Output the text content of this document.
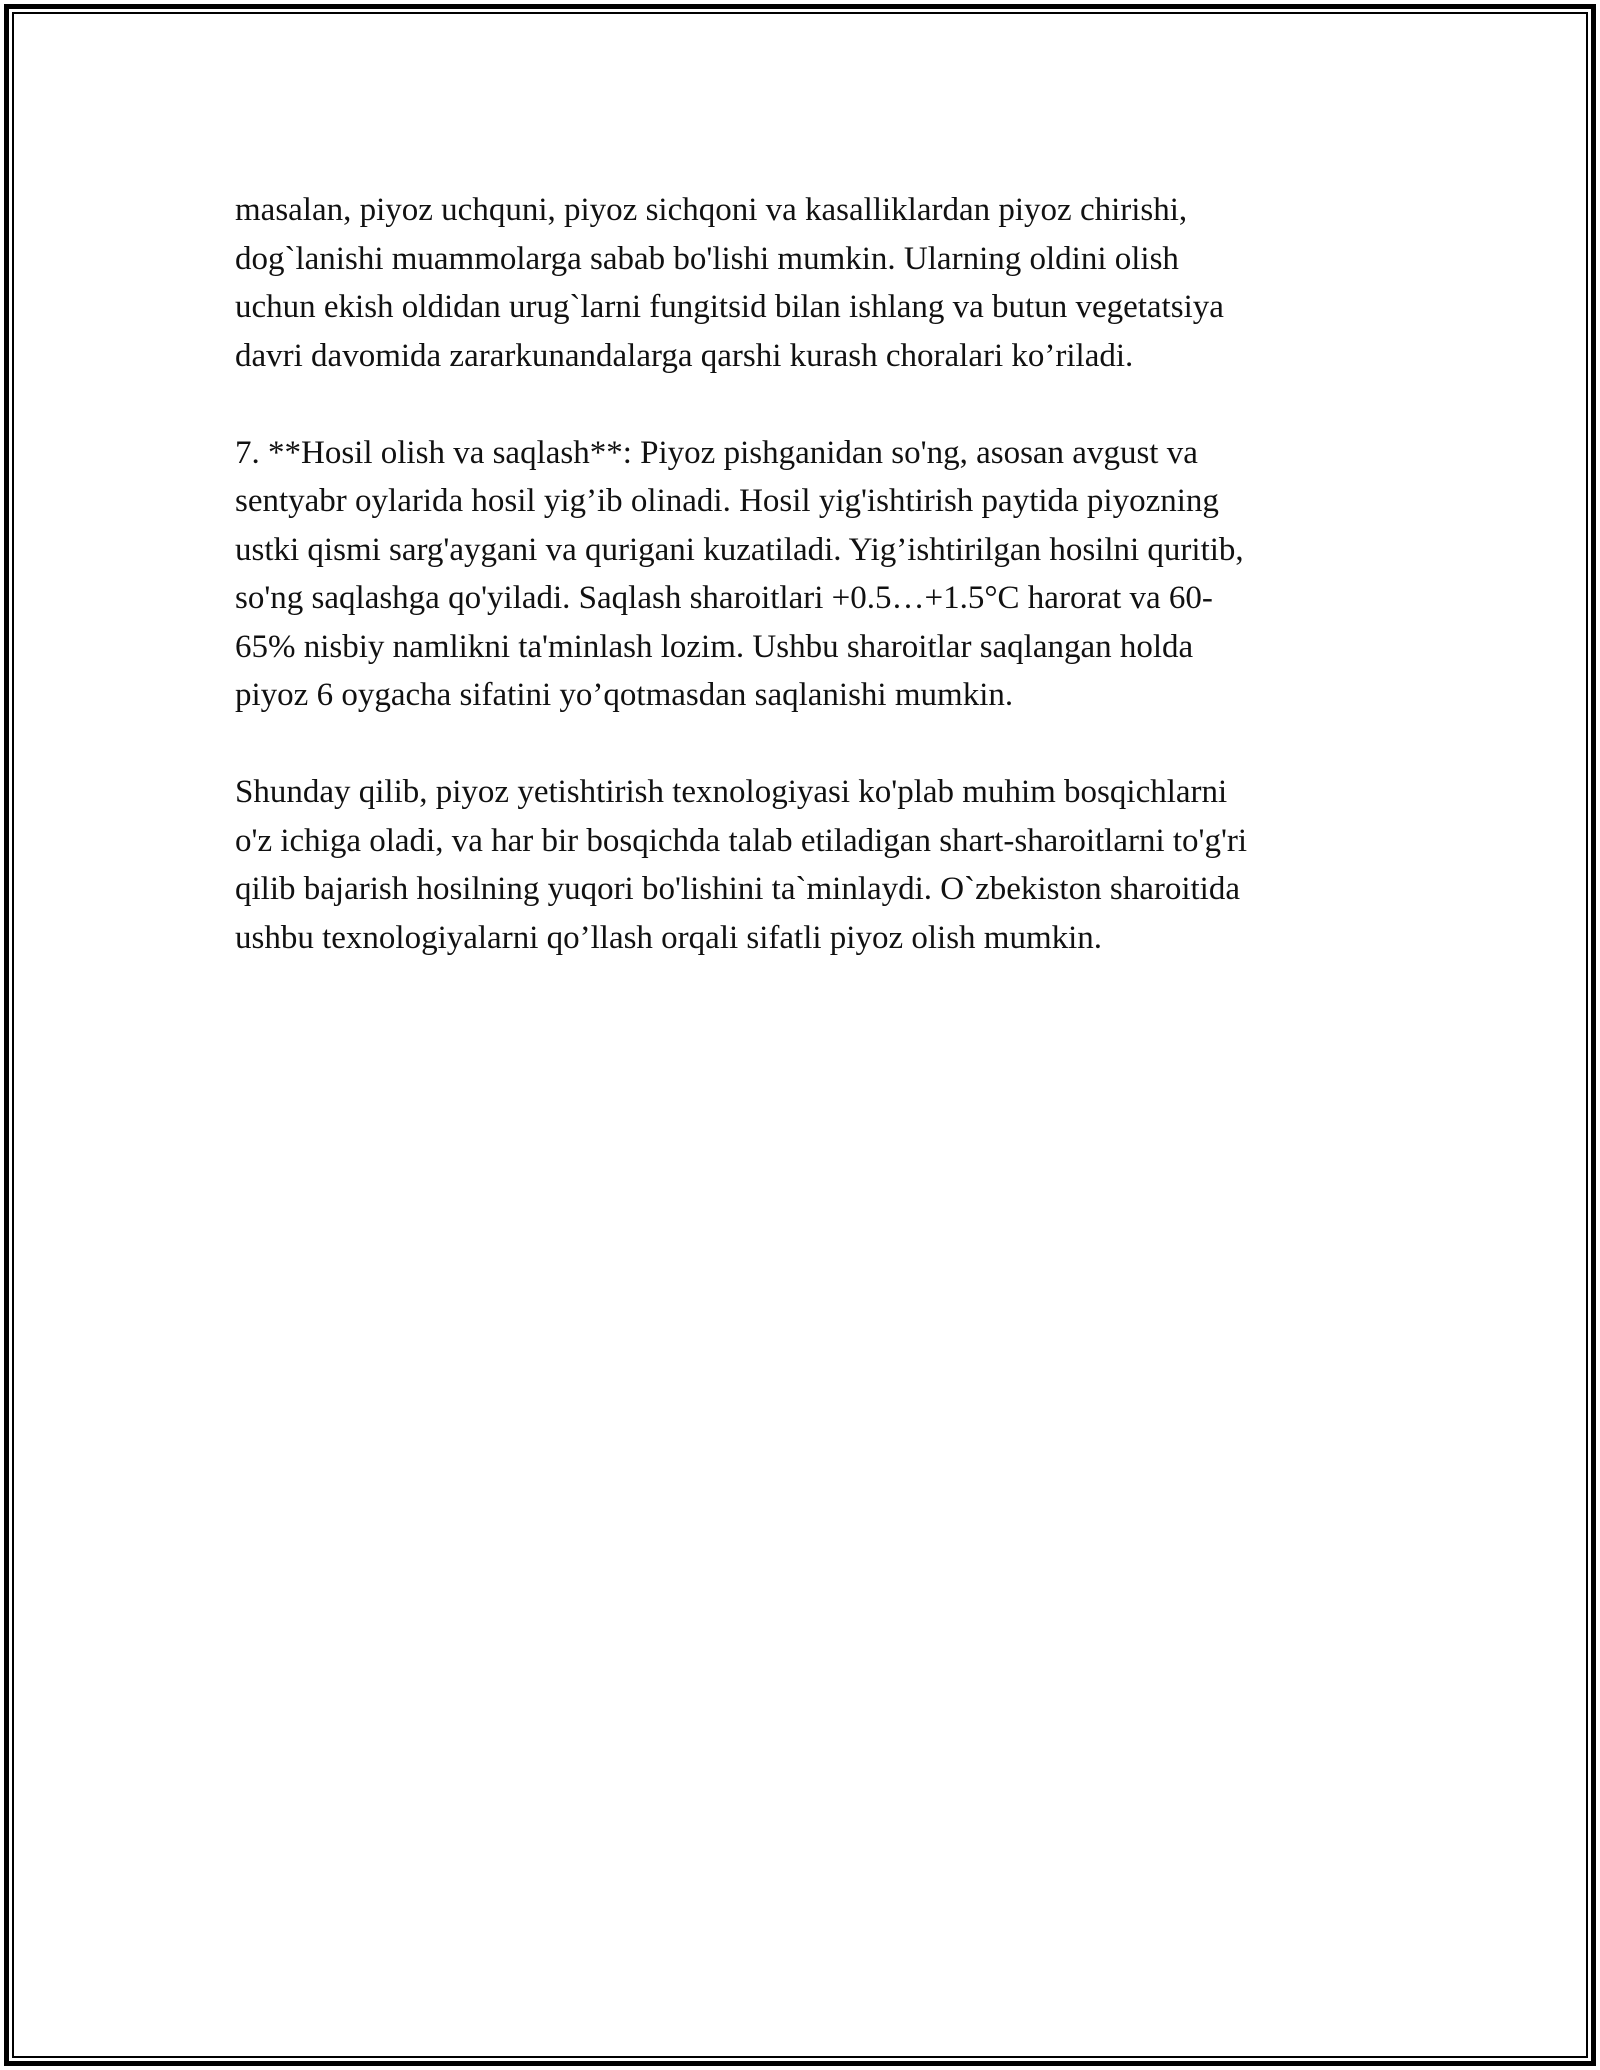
masalan, piyoz uchquni, piyoz sichqoni va kasalliklardan piyoz chirishi,
dog`lanishi muammolarga sabab bo'lishi mumkin. Ularning oldini olish
uchun ekish oldidan urug`larni fungitsid bilan ishlang va butun vegetatsiya
davri davomida zararkunandalarga qarshi kurash choralari ko’riladi.

7. **Hosil olish va saqlash**: Piyoz pishganidan so'ng, asosan avgust va
sentyabr oylarida hosil yig’ib olinadi. Hosil yig'ishtirish paytida piyozning
ustki qismi sarg'aygani va qurigani kuzatiladi. Yig’ishtirilgan hosilni quritib,
so'ng saqlashga qo'yiladi. Saqlash sharoitlari +0.5…+1.5°C harorat va 60-
65% nisbiy namlikni ta'minlash lozim. Ushbu sharoitlar saqlangan holda
piyoz 6 oygacha sifatini yo’qotmasdan saqlanishi mumkin.

Shunday qilib, piyoz yetishtirish texnologiyasi ko'plab muhim bosqichlarni
o'z ichiga oladi, va har bir bosqichda talab etiladigan shart-sharoitlarni to'g'ri
qilib bajarish hosilning yuqori bo'lishini ta`minlaydi. O`zbekiston sharoitida
ushbu texnologiyalarni qo’llash orqali sifatli piyoz olish mumkin.
